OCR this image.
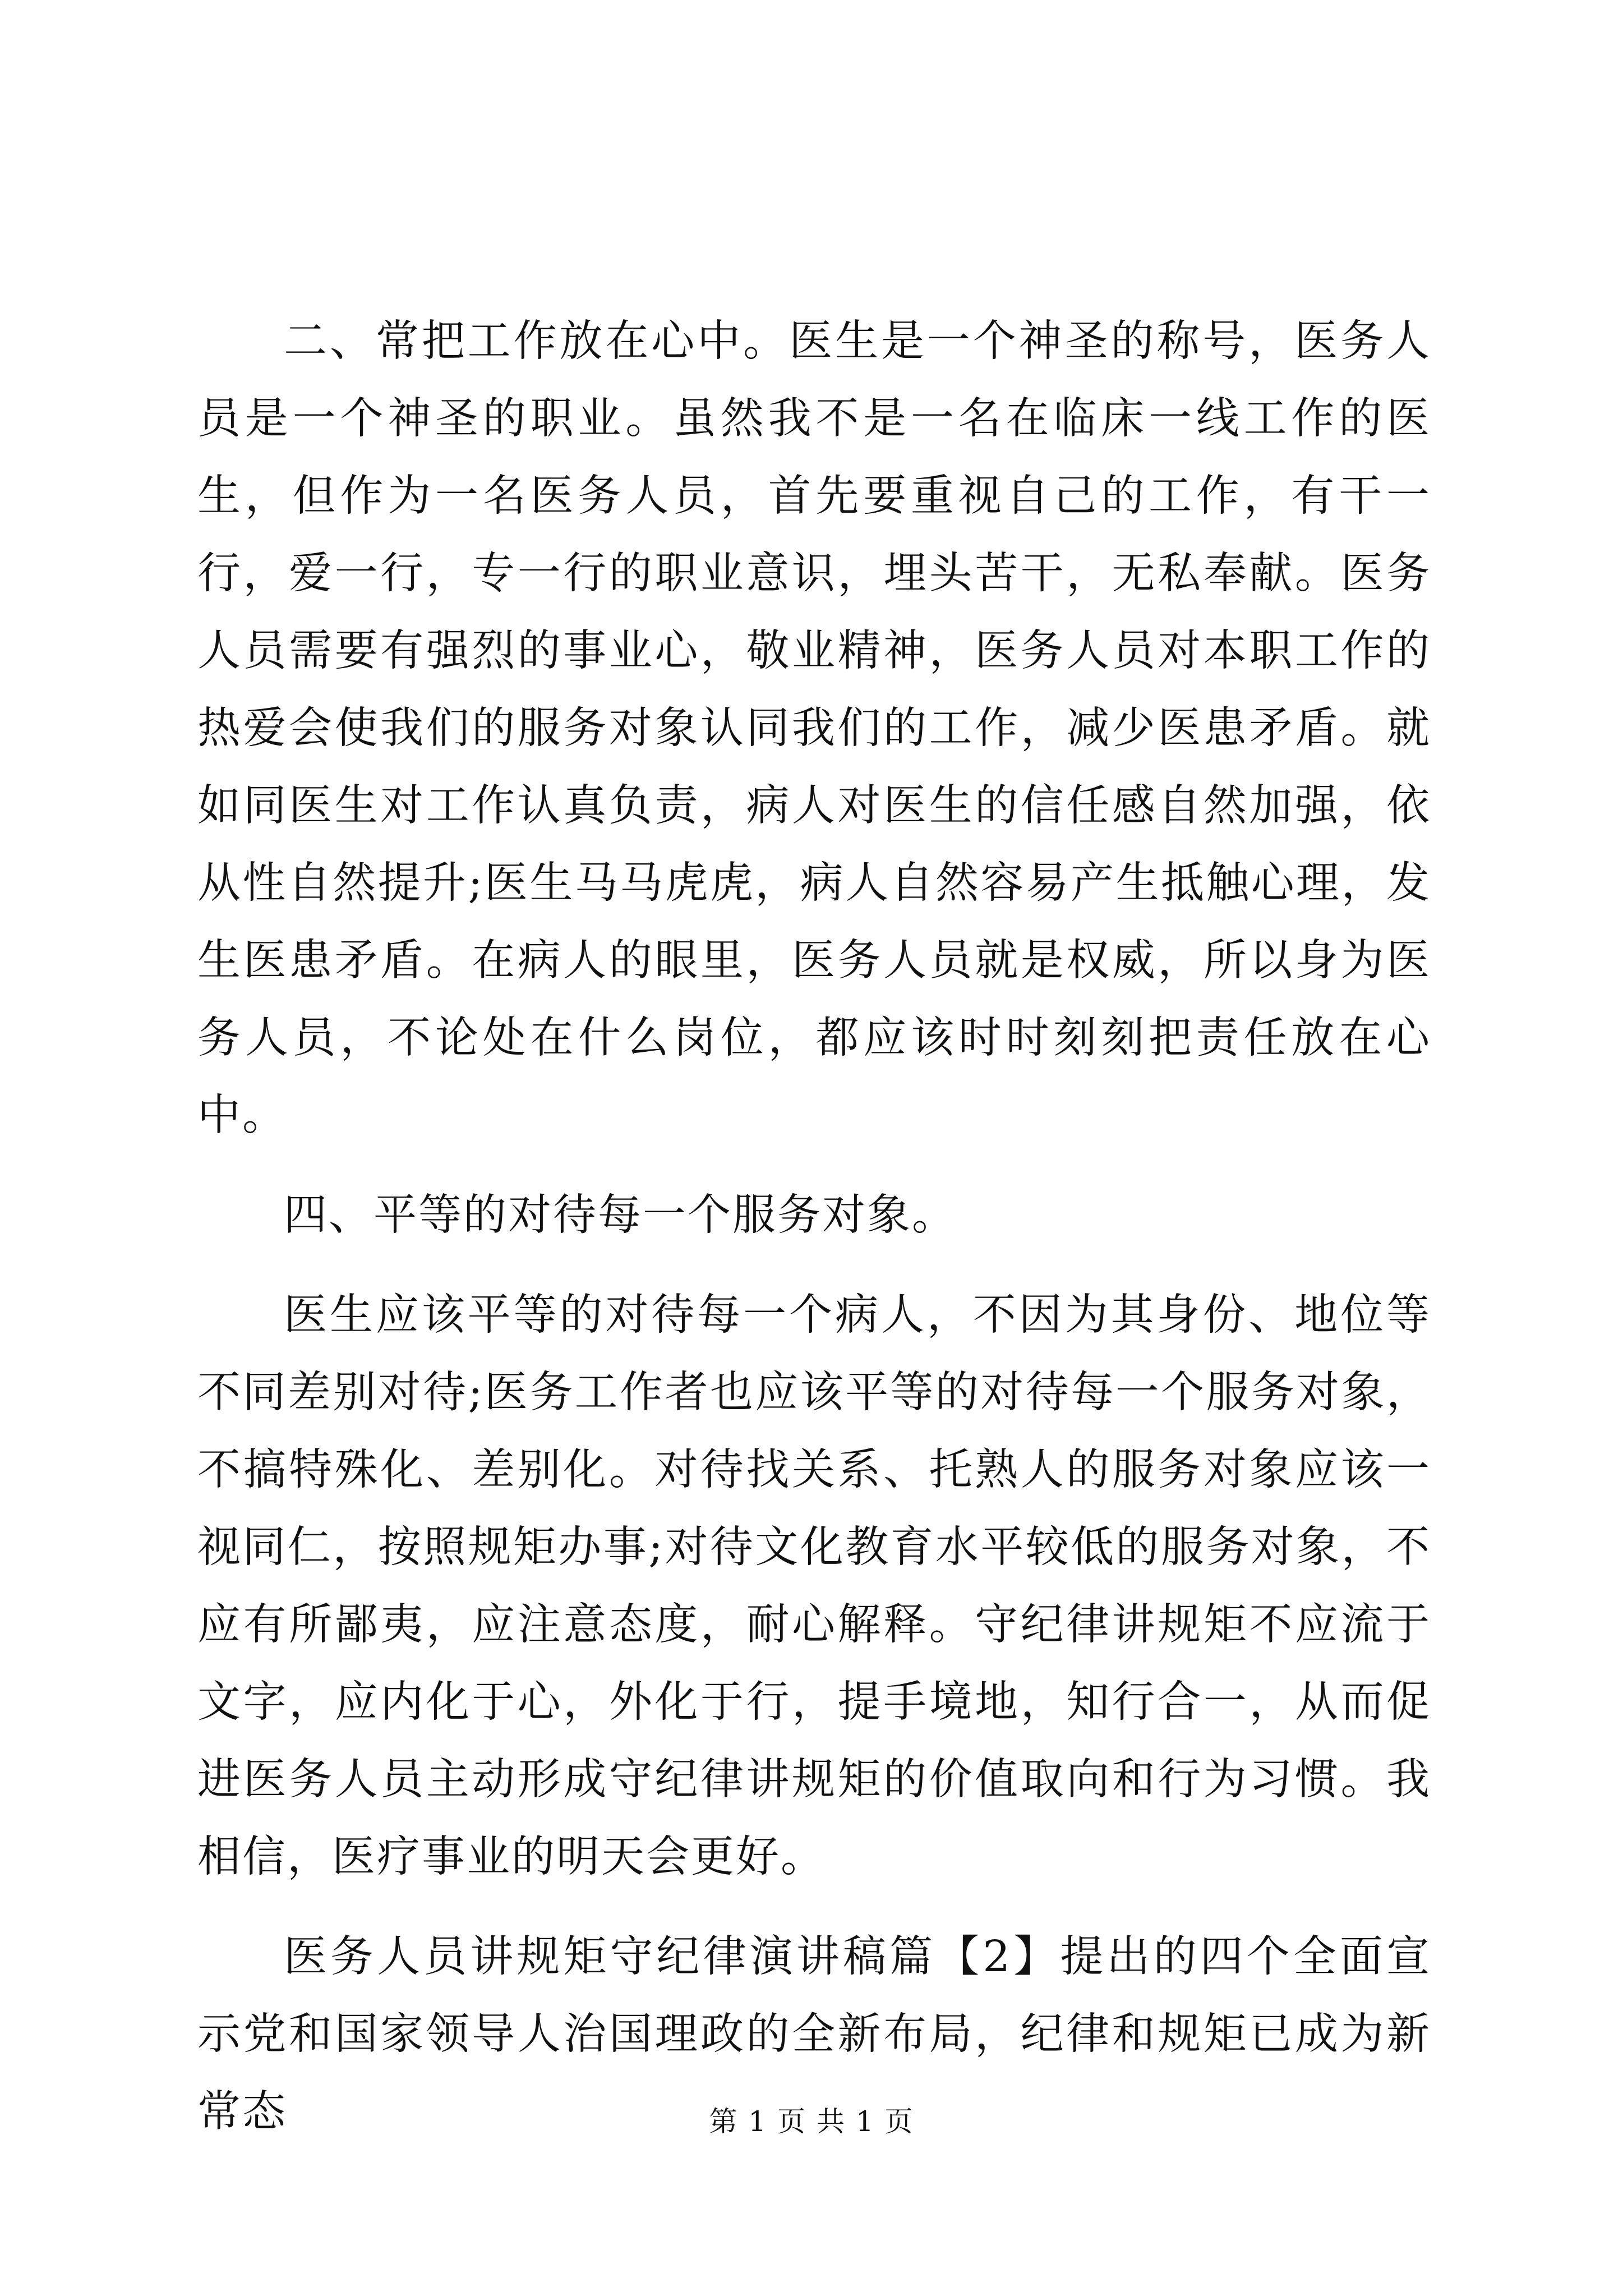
二、常把工作放在心中。医生是一个神圣的称号，医务人员是一个神圣的职业。虽然我不是一名在临床一线工作的医生，但作为一名医务人员，首先要重视自己的工作，有干一行，爱一行，专一行的职业意识，埋头苦干，无私奉献。医务人员需要有强烈的事业心，敬业精神，医务人员对本职工作的热爱会使我们的服务对象认同我们的工作，减少医患矛盾。就如同医生对工作认真负责，病人对医生的信任感自然加强，依从性自然提升;医生马马虎虎，病人自然容易产生抵触心理，发生医患矛盾。在病人的眼里，医务人员就是权威，所以身为医务人员，不论处在什么岗位，都应该时时刻刻把责任放在心中。

四、平等的对待每一个服务对象。

医生应该平等的对待每一个病人，不因为其身份、地位等不同差别对待;医务工作者也应该平等的对待每一个服务对象，不搞特殊化、差别化。对待找关系、托熟人的服务对象应该一视同仁，按照规矩办事;对待文化教育水平较低的服务对象，不应有所鄙夷，应注意态度，耐心解释。守纪律讲规矩不应流于文字，应内化于心，外化于行，提手境地，知行合一，从而促进医务人员主动形成守纪律讲规矩的价值取向和行为习惯。我相信，医疗事业的明天会更好。

医务人员讲规矩守纪律演讲稿篇【2】提出的四个全面宣示党和国家领导人治国理政的全新布局，纪律和规矩已成为新常态	第 1 页 共 1 页
